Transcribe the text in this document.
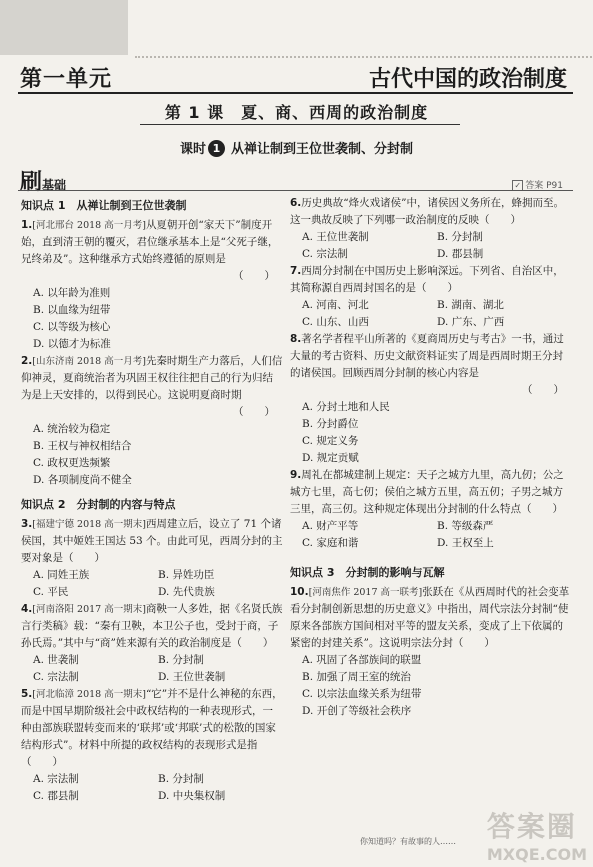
第一单元	古代中国的政治制度
第 1 课　夏、商、西周的政治制度
课时 1 从禅让制到王位世袭制、分封制
刷基础	✓ 答案 P91
知识点 1　从禅让制到王位世袭制
1.[河北邢台 2018 高一月考]从夏朝开创“家天下”制度开始，直到清王朝的覆灭，君位继承基本上是“父死子继，兄终弟及”。这种继承方式始终遵循的原则是
（　　）
A. 以年龄为准则
B. 以血缘为纽带
C. 以等级为核心
D. 以德才为标准
2.[山东济南 2018 高一月考]先秦时期生产力落后，人们信仰神灵，夏商统治者为巩固王权往往把自己的行为归结为是上天安排的，以得到民心。这说明夏商时期
（　　）
A. 统治较为稳定
B. 王权与神权相结合
C. 政权更迭频繁
D. 各项制度尚不健全
知识点 2　分封制的内容与特点
3.[福建宁德 2018 高一期末]西周建立后，设立了 71 个诸侯国，其中姬姓王国达 53 个。由此可见，西周分封的主要对象是（　　）
A. 同姓王族	B. 异姓功臣
C. 平民	D. 先代贵族
4.[河南洛阳 2017 高一期末]商鞅一人多姓，据《名贤氏族言行类稿》载：“秦有卫鞅，本卫公子也，受封于商，子孙氏焉。”其中与“商”姓来源有关的政治制度是（　　）
A. 世袭制	B. 分封制
C. 宗法制	D. 王位世袭制
5.[河北临漳 2018 高一期末]“它”并不是什么神秘的东西，而是中国早期阶级社会中政权结构的一种表现形式，一种由部族联盟转变而来的‘联邦’或‘邦联’式的松散的国家结构形式”。材料中所提的政权结构的表现形式是指（　　）
A. 宗法制	B. 分封制
C. 郡县制	D. 中央集权制
6.历史典故“烽火戏诸侯”中，诸侯因义务所在，蜂拥而至。这一典故反映了下列哪一政治制度的反映（　　）
A. 王位世袭制	B. 分封制
C. 宗法制	D. 郡县制
7.西周分封制在中国历史上影响深远。下列省、自治区中，其简称源自西周封国名的是（　　）
A. 河南、河北	B. 湖南、湖北
C. 山东、山西	D. 广东、广西
8.著名学者程平山所著的《夏商周历史与考古》一书，通过大量的考古资料、历史文献资料证实了周是西周时期王分封的诸侯国。回顾西周分封制的核心内容是
（　　）
A. 分封土地和人民
B. 分封爵位
C. 规定义务
D. 规定贡赋
9.周礼在都城建制上规定：天子之城方九里，高九仞；公之城方七里，高七仞；侯伯之城方五里，高五仞；子男之城方三里，高三仞。这种规定体现出分封制的什么特点（　　）
A. 财产平等	B. 等级森严
C. 家庭和谐	D. 王权至上
知识点 3　分封制的影响与瓦解
10.[河南焦作 2017 高一联考]张跃在《从西周时代的社会变革看分封制创新思想的历史意义》中指出，周代宗法分封制“使原来各部族方国间相对平等的盟友关系，变成了上下依属的紧密的封建关系”。这说明宗法分封（　　）
A. 巩固了各部族间的联盟
B. 加强了周王室的统治
C. 以宗法血缘关系为纽带
D. 开创了等级社会秩序
你知道吗？有故事的人…… 答案圈
MXQE.COM
